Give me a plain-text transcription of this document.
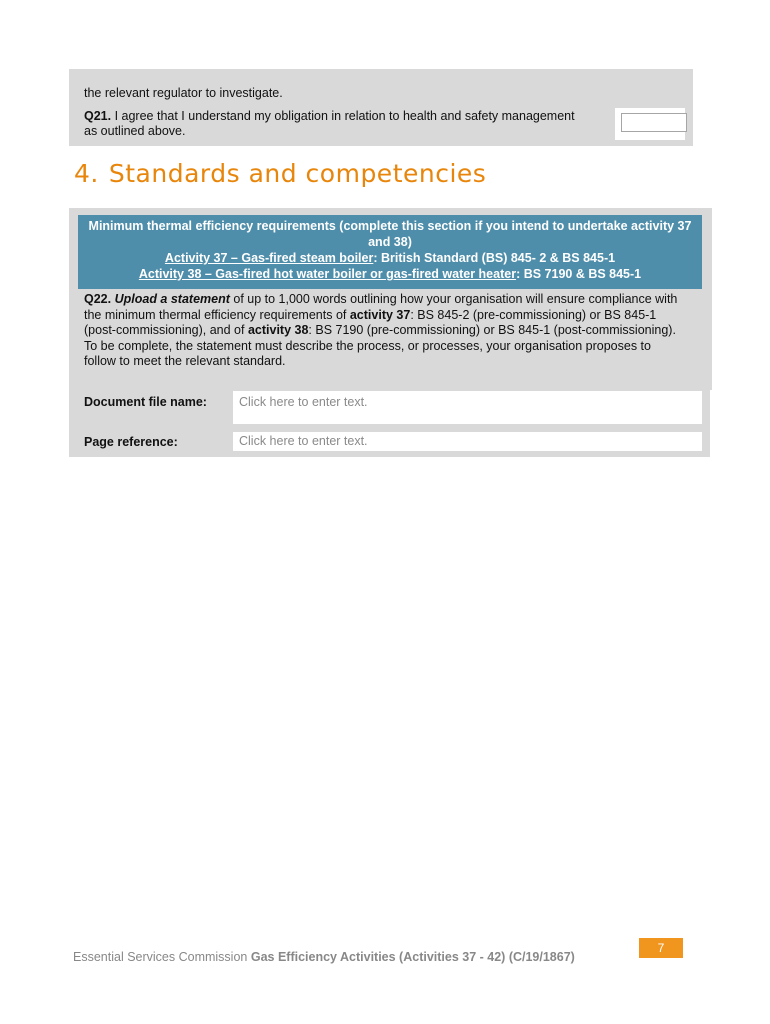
the relevant regulator to investigate.
Q21. I agree that I understand my obligation in relation to health and safety management as outlined above.
4. Standards and competencies
Minimum thermal efficiency requirements (complete this section if you intend to undertake activity 37 and 38)
Activity 37 – Gas-fired steam boiler: British Standard (BS) 845- 2 & BS 845-1
Activity 38 – Gas-fired hot water boiler or gas-fired water heater: BS 7190 & BS 845-1
Q22. Upload a statement of up to 1,000 words outlining how your organisation will ensure compliance with the minimum thermal efficiency requirements of activity 37: BS 845-2 (pre-commissioning) or BS 845-1 (post-commissioning), and of activity 38: BS 7190 (pre-commissioning) or BS 845-1 (post-commissioning).
To be complete, the statement must describe the process, or processes, your organisation proposes to follow to meet the relevant standard.
Document file name:	Click here to enter text.
Page reference:	Click here to enter text.
7
Essential Services Commission Gas Efficiency Activities (Activities 37 - 42) (C/19/1867)
